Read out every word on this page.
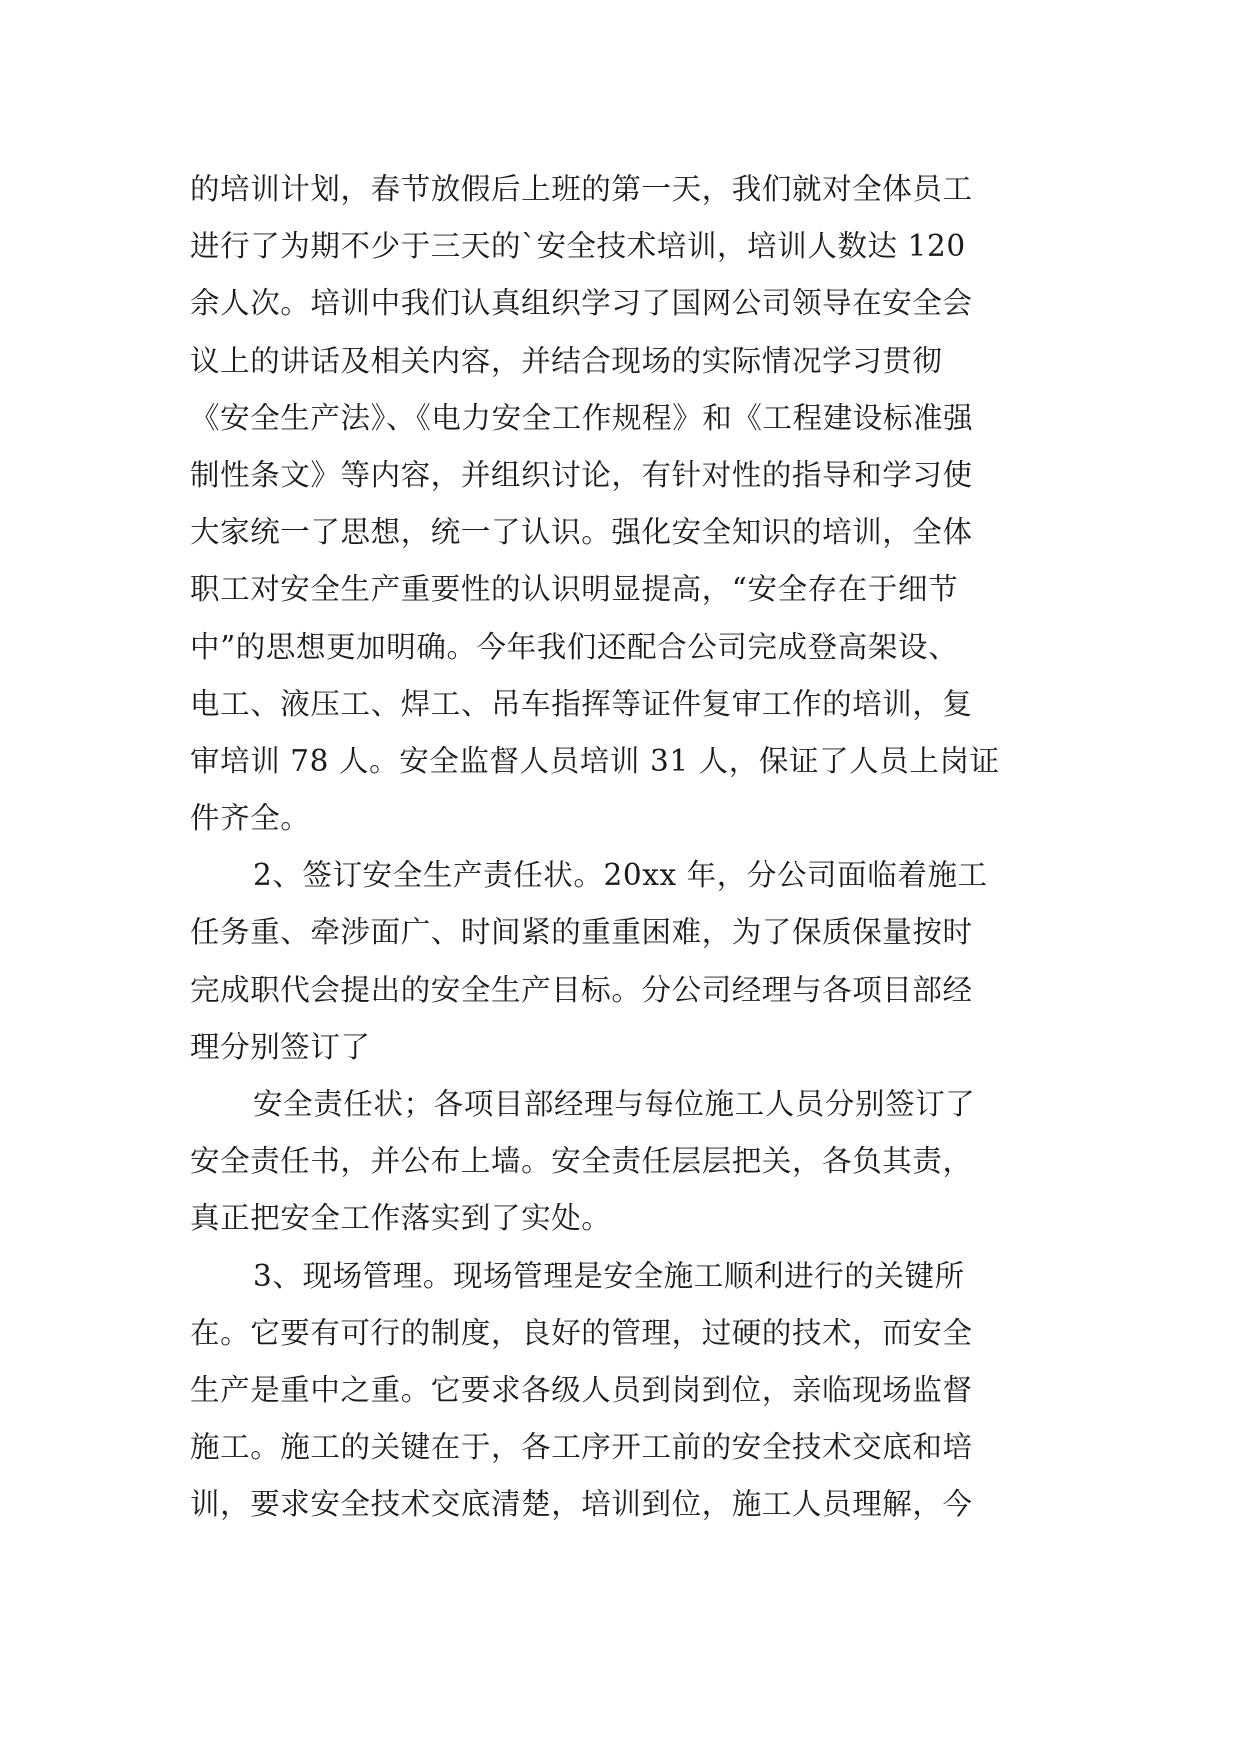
的培训计划，春节放假后上班的第一天，我们就对全体员工
进行了为期不少于三天的`安全技术培训，培训人数达 120
余人次。培训中我们认真组织学习了国网公司领导在安全会
议上的讲话及相关内容，并结合现场的实际情况学习贯彻
《安全生产法》、《电力安全工作规程》和《工程建设标准强
制性条文》等内容，并组织讨论，有针对性的指导和学习使
大家统一了思想，统一了认识。强化安全知识的培训，全体
职工对安全生产重要性的认识明显提高，“安全存在于细节
中”的思想更加明确。今年我们还配合公司完成登高架设、
电工、液压工、焊工、吊车指挥等证件复审工作的培训，复
审培训 78 人。安全监督人员培训 31 人，保证了人员上岗证
件齐全。
2、签订安全生产责任状。20xx 年，分公司面临着施工
任务重、牵涉面广、时间紧的重重困难，为了保质保量按时
完成职代会提出的安全生产目标。分公司经理与各项目部经
理分别签订了
安全责任状；各项目部经理与每位施工人员分别签订了
安全责任书，并公布上墙。安全责任层层把关，各负其责，
真正把安全工作落实到了实处。
3、现场管理。现场管理是安全施工顺利进行的关键所
在。它要有可行的制度，良好的管理，过硬的技术，而安全
生产是重中之重。它要求各级人员到岗到位，亲临现场监督
施工。施工的关键在于，各工序开工前的安全技术交底和培
训，要求安全技术交底清楚，培训到位，施工人员理解，今
